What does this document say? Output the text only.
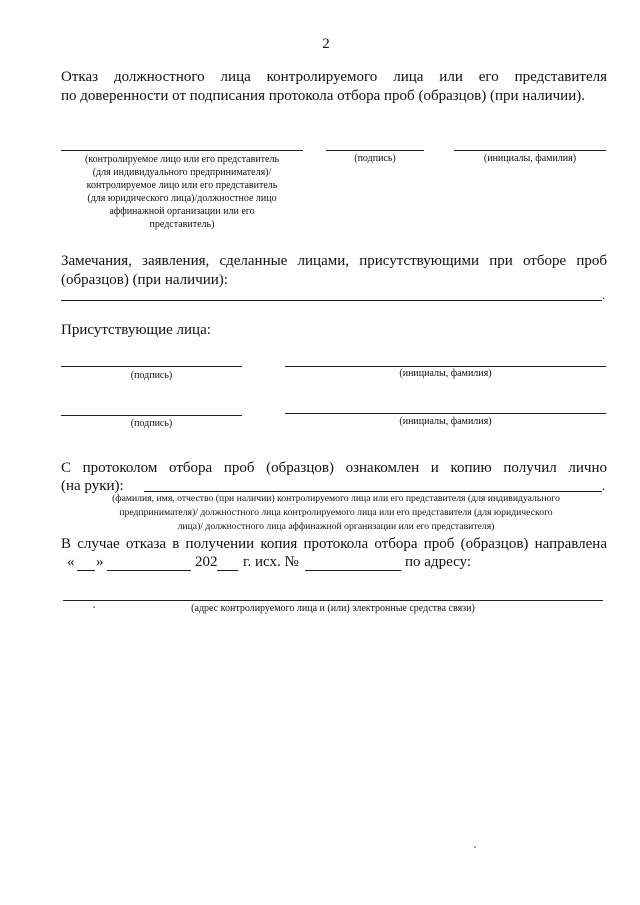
2
Отказ должностного лица контролируемого лица или его представителя
по доверенности от подписания протокола отбора проб (образцов) (при наличии).
(контролируемое лицо или его представитель
(для индивидуального предпринимателя)/
контролируемое лицо или его представитель
(для юридического лица)/должностное лицо
аффинажной организации или его
представитель)
(подпись)	(инициалы, фамилия)
Замечания, заявления, сделанные лицами, присутствующими при отборе проб
(образцов) (при наличии):
.
Присутствующие лица:
(подпись)	(инициалы, фамилия)
(подпись)	(инициалы, фамилия)
С протоколом отбора проб (образцов) ознакомлен и копию получил лично
(на руки):	.
(фамилия, имя, отчество (при наличии) контролируемого лица или его представителя (для индивидуального
предпринимателя)/ должностного лица контролируемого лица или его представителя (для юридического
лица)/ должностного лица аффинажной организации или его представителя)
В случае отказа в получении копия протокола отбора проб (образцов) направлена
« »	202 г. исх. №	по адресу:
(адрес контролируемого лица и (или) электронные средства связи)
